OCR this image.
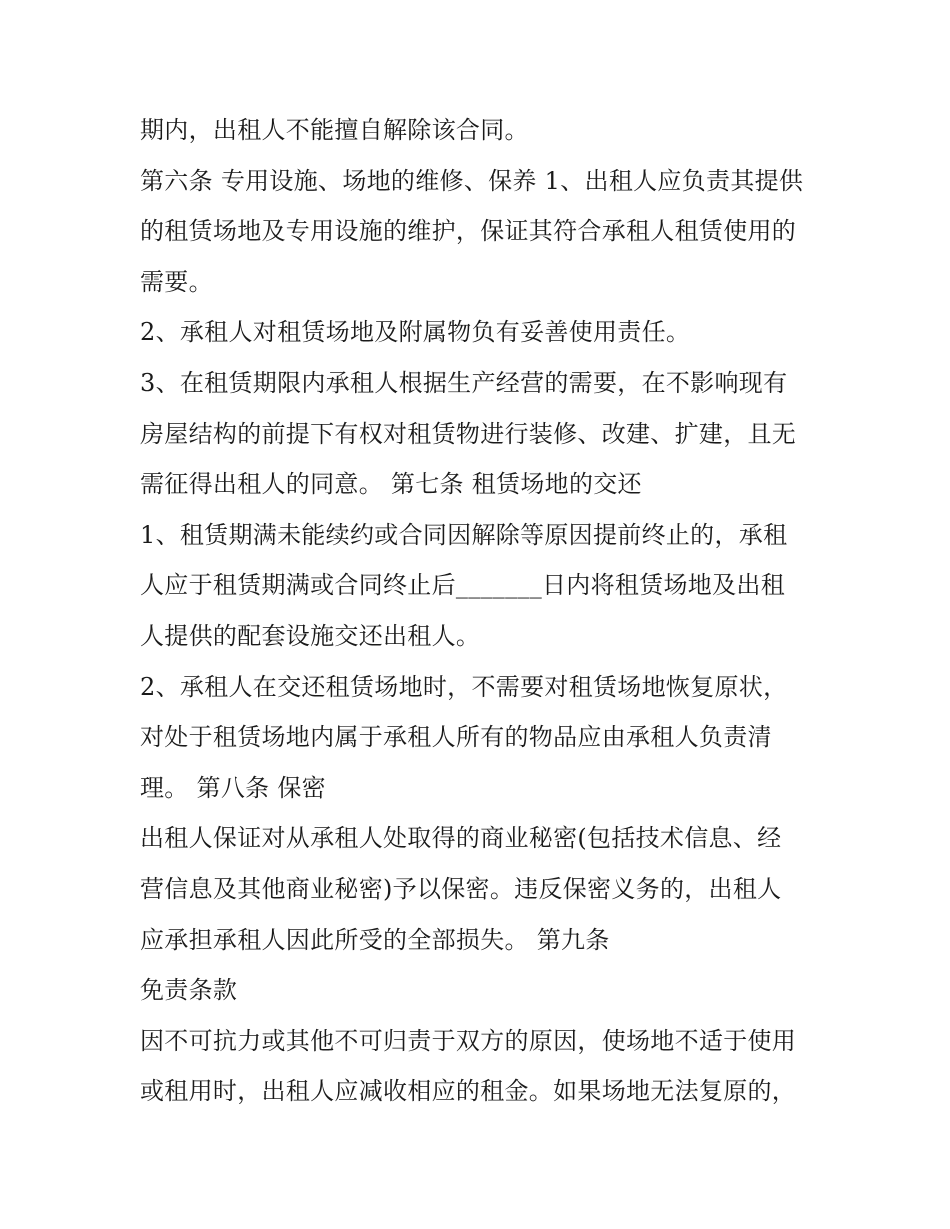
期内，出租人不能擅自解除该合同。
第六条 专用设施、场地的维修、保养 1、出租人应负责其提供
的租赁场地及专用设施的维护，保证其符合承租人租赁使用的
需要。
2、承租人对租赁场地及附属物负有妥善使用责任。
3、在租赁期限内承租人根据生产经营的需要，在不影响现有
房屋结构的前提下有权对租赁物进行装修、改建、扩建，且无
需征得出租人的同意。 第七条 租赁场地的交还
1、租赁期满未能续约或合同因解除等原因提前终止的，承租
人应于租赁期满或合同终止后_______日内将租赁场地及出租
人提供的配套设施交还出租人。
2、承租人在交还租赁场地时，不需要对租赁场地恢复原状，
对处于租赁场地内属于承租人所有的物品应由承租人负责清
理。 第八条 保密
出租人保证对从承租人处取得的商业秘密(包括技术信息、经
营信息及其他商业秘密)予以保密。违反保密义务的，出租人
应承担承租人因此所受的全部损失。 第九条
免责条款
因不可抗力或其他不可归责于双方的原因，使场地不适于使用
或租用时，出租人应减收相应的租金。如果场地无法复原的，
